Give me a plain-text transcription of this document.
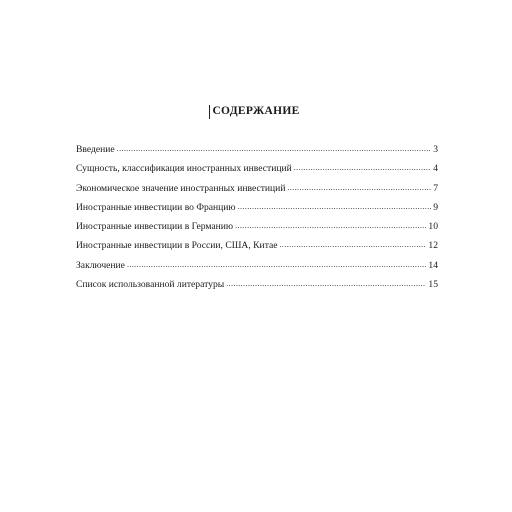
СОДЕРЖАНИЕ
Введение .....	3
Сущность, классификация иностранных инвестиций .....	4
Экономическое значение иностранных инвестиций .....	7
Иностранные инвестиции во Францию .....	9
Иностранные инвестиции в Германию .....	10
Иностранные инвестиции в России, США, Китае .....	12
Заключение .....	14
Список использованной литературы .....	15
